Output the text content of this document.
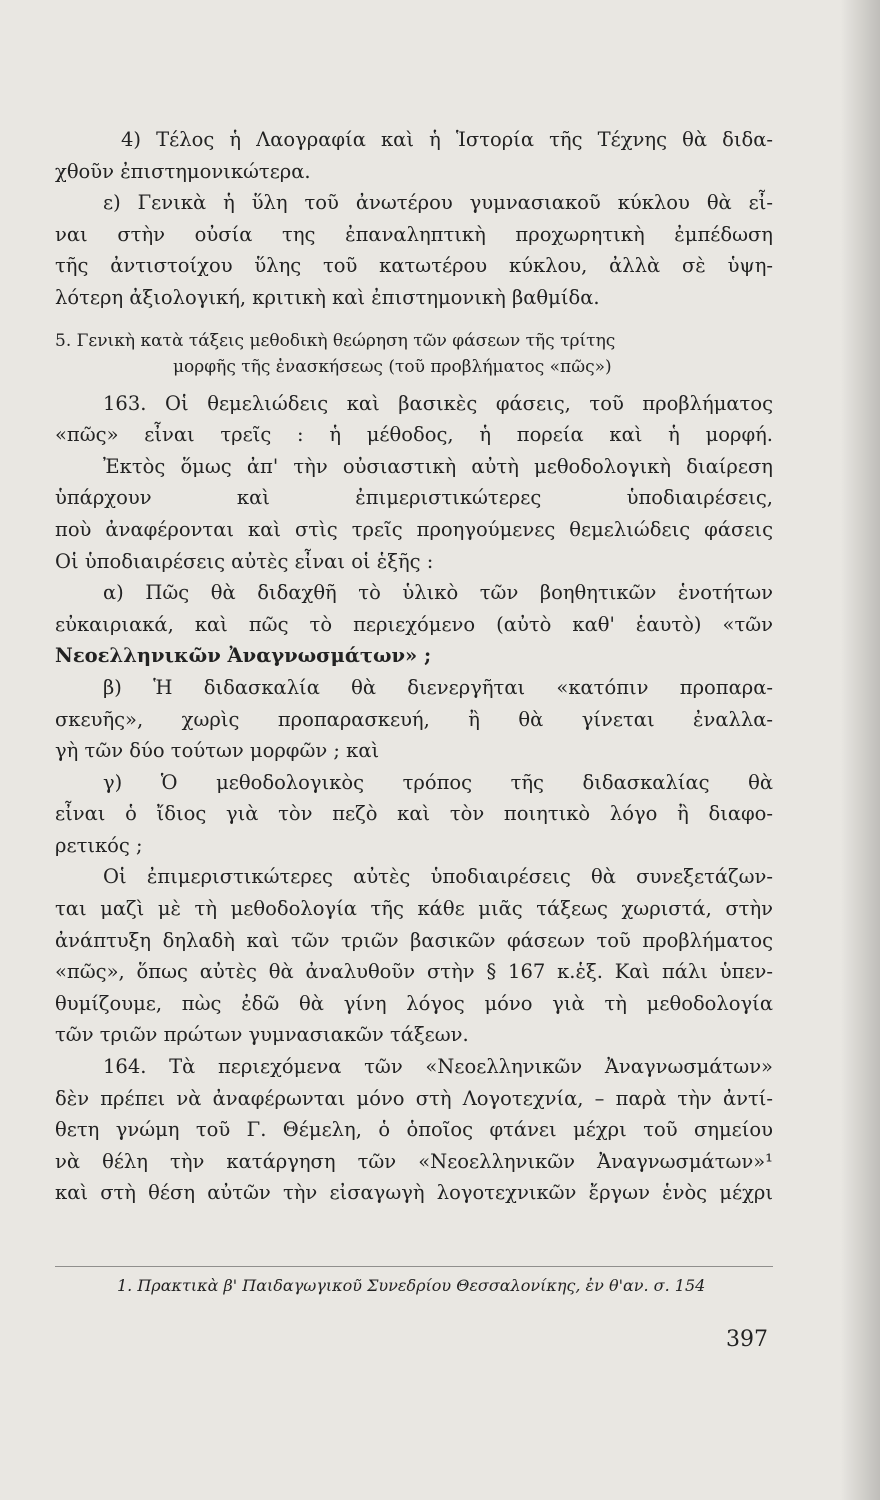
4) Τέλος ἡ Λαογραφία καὶ ἡ Ἱστορία τῆς Τέχνης θὰ διδα-
χθοῦν ἐπιστημονικώτερα.
ε) Γενικὰ ἡ ὕλη τοῦ ἀνωτέρου γυμνασιακοῦ κύκλου θὰ εἶ-
ναι στὴν οὐσία της ἐπαναληπτικὴ προχωρητικὴ ἐμπέδωση
τῆς ἀντιστοίχου ὕλης τοῦ κατωτέρου κύκλου, ἀλλὰ σὲ ὑψη-
λότερη ἀξιολογική, κριτικὴ καὶ ἐπιστημονικὴ βαθμίδα.
5. Γενικὴ κατὰ τάξεις μεθοδικὴ θεώρηση τῶν φάσεων τῆς τρίτης
μορφῆς τῆς ἐνασκήσεως (τοῦ προβλήματος «πῶς»)
163. Οἱ θεμελιώδεις καὶ βασικὲς φάσεις, τοῦ προβλήματος
«πῶς» εἶναι τρεῖς : ἡ μέθοδος, ἡ πορεία καὶ ἡ μορφή.
Ἐκτὸς ὅμως ἀπ' τὴν οὐσιαστικὴ αὐτὴ μεθοδολογικὴ διαίρεση
ὑπάρχουν καὶ ἐπιμεριστικώτερες ὑποδιαιρέσεις,
ποὺ ἀναφέρονται καὶ στὶς τρεῖς προηγούμενες θεμελιώδεις φάσεις
Οἱ ὑποδιαιρέσεις αὐτὲς εἶναι οἱ ἑξῆς :
α) Πῶς θὰ διδαχθῆ τὸ ὑλικὸ τῶν βοηθητικῶν ἑνοτήτων
εὐκαιριακά, καὶ πῶς τὸ περιεχόμενο (αὐτὸ καθ' ἑαυτὸ) «τῶν
Νεοελληνικῶν Ἀναγνωσμάτων» ;
β) Ἡ διδασκαλία θὰ διενεργῆται «κατόπιν προπαρα-
σκευῆς», χωρὶς προπαρασκευή, ἢ θὰ γίνεται ἐναλλα-
γὴ τῶν δύο τούτων μορφῶν ; καὶ
γ) Ὁ μεθοδολογικὸς τρόπος τῆς διδασκαλίας θὰ
εἶναι ὁ ἴδιος γιὰ τὸν πεζὸ καὶ τὸν ποιητικὸ λόγο ἢ διαφο-
ρετικός ;
Οἱ ἐπιμεριστικώτερες αὐτὲς ὑποδιαιρέσεις θὰ συνεξετάζων-
ται μαζὶ μὲ τὴ μεθοδολογία τῆς κάθε μιᾶς τάξεως χωριστά, στὴν
ἀνάπτυξη δηλαδὴ καὶ τῶν τριῶν βασικῶν φάσεων τοῦ προβλήματος
«πῶς», ὅπως αὐτὲς θὰ ἀναλυθοῦν στὴν § 167 κ.ἑξ. Καὶ πάλι ὑπεν-
θυμίζουμε, πὼς ἐδῶ θὰ γίνη λόγος μόνο γιὰ τὴ μεθοδολογία
τῶν τριῶν πρώτων γυμνασιακῶν τάξεων.
164. Τὰ περιεχόμενα τῶν «Νεοελληνικῶν Ἀναγνωσμάτων»
δὲν πρέπει νὰ ἀναφέρωνται μόνο στὴ Λογοτεχνία, – παρὰ τὴν ἀντί-
θετη γνώμη τοῦ Γ. Θέμελη, ὁ ὁποῖος φτάνει μέχρι τοῦ σημείου
νὰ θέλη τὴν κατάργηση τῶν «Νεοελληνικῶν Ἀναγνωσμάτων»¹
καὶ στὴ θέση αὐτῶν τὴν εἰσαγωγὴ λογοτεχνικῶν ἔργων ἑνὸς μέχρι
1. Πρακτικὰ β' Παιδαγωγικοῦ Συνεδρίου Θεσσαλονίκης, ἐν θ'αν. σ. 154
397
